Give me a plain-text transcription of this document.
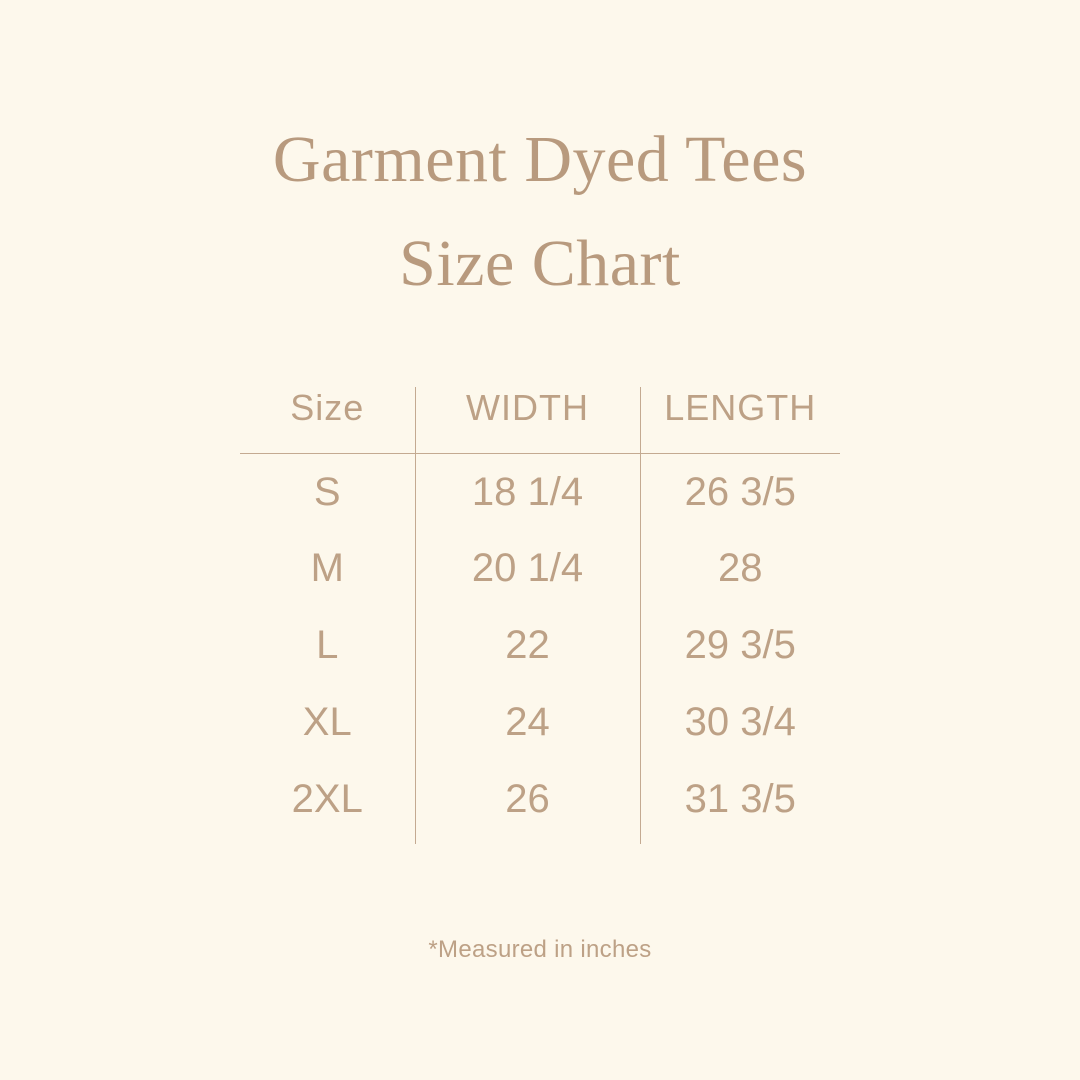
Garment Dyed Tees
Size Chart
Size	WIDTH	LENGTH
S	18 1/4	26 3/5
M	20 1/4	28
L	22	29 3/5
XL	24	30 3/4
2XL	26	31 3/5
*Measured in inches
